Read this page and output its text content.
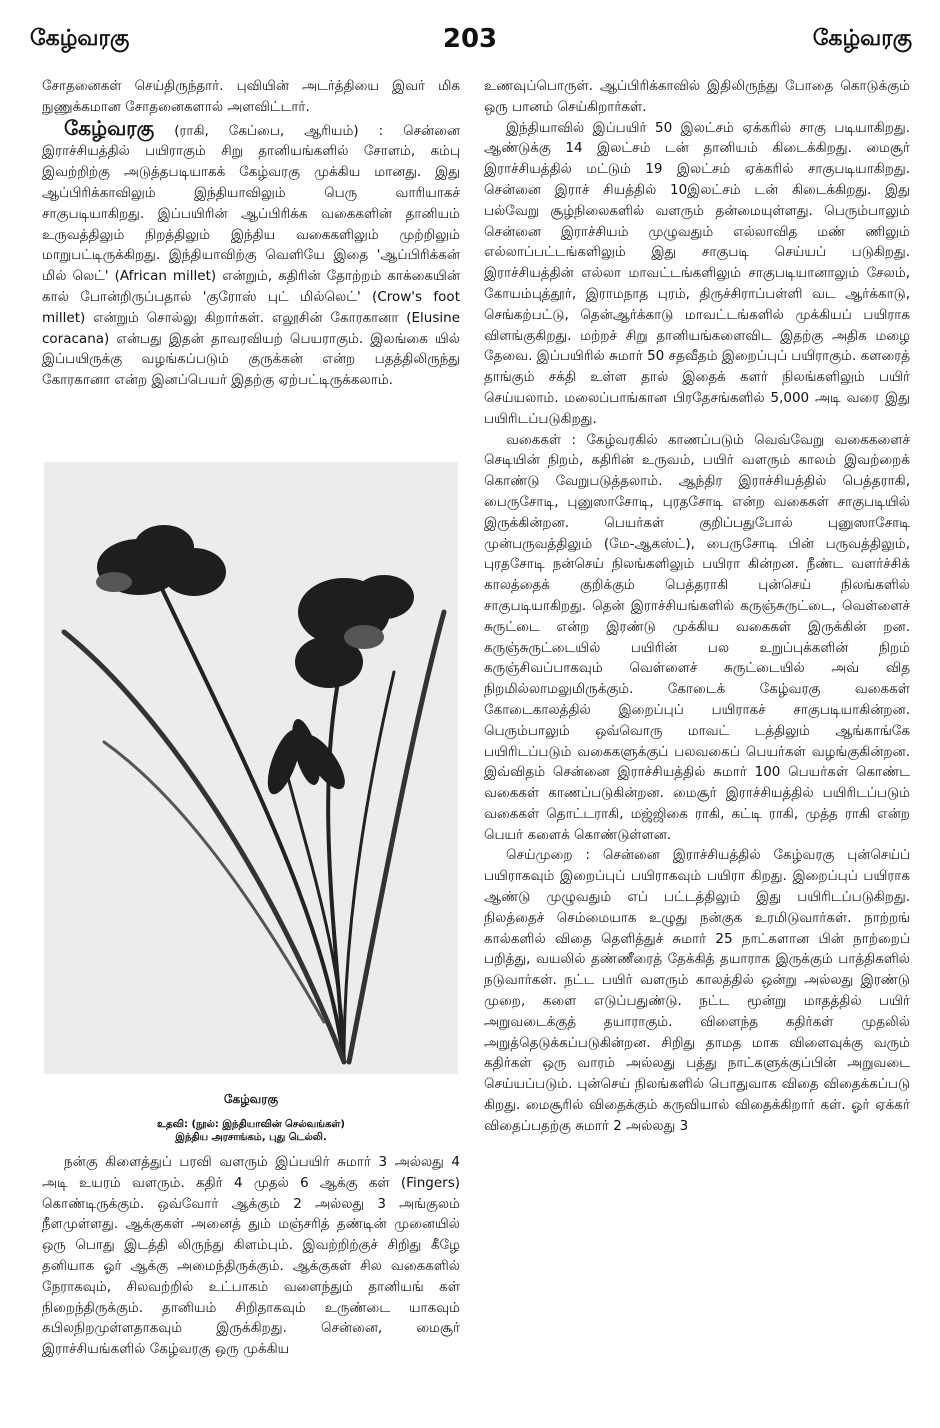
கேழ்வரகு	203	கேழ்வரகு

சோதனைகள் செய்திருந்தார். புவியின் அடர்த்தியை இவர் மிக நுணுக்கமான சோதனைகளால் அளவிட்டார்.

கேழ்வரகு (ராகி, கேப்பை, ஆரியம்) : சென்னை இராச்சியத்தில் பயிராகும் சிறு தானியங்களில் சோளம், கம்பு இவற்றிற்கு அடுத்தபடியாகக் கேழ்வரகு முக்கிய மானது. இது ஆப்பிரிக்காவிலும் இந்தியாவிலும் பெரு வாரியாகச் சாகுபடியாகிறது. இப்பயிரின் ஆப்பிரிக்க வகைகளின் தானியம் உருவத்திலும் நிறத்திலும் இந்திய வகைகளிலும் முற்றிலும் மாறுபட்டிருக்கிறது. இந்தியாவிற்கு வெளியே இதை 'ஆப்பிரிக்கன் மில் லெட்' (African millet) என்றும், கதிரின் தோற்றம் காக்கையின் கால் போன்றிருப்பதால் 'குரோஸ் புட் மில்லெட்' (Crow's foot millet) என்றும் சொல்லு கிறார்கள். எலூசின் கோரகானா (Elusine coracana) என்பது இதன் தாவரவியற் பெயராகும். இலங்கை யில் இப்பயிருக்கு வழங்கப்படும் குருக்கன் என்ற பதத்திலிருந்து கோரகானா என்ற இனப்பெயர் இதற்கு ஏற்பட்டிருக்கலாம்.

கேழ்வரகு
உதவி: (நூல்: இந்தியாவின் செல்வங்கள்)
இந்திய அரசாங்கம், புது டெல்லி.

நன்கு கிளைத்துப் பரவி வளரும் இப்பயிர் சுமார் 3 அல்லது 4 அடி உயரம் வளரும். கதிர் 4 முதல் 6 ஆக்கு கள் (Fingers) கொண்டிருக்கும். ஒவ்வோர் ஆக்கும் 2 அல்லது 3 அங்குலம் நீளமுள்ளது. ஆக்குகள் அனைத் தும் மஞ்சரித் தண்டின் முனையில் ஒரு பொது இடத்தி லிருந்து கிளம்பும். இவற்றிற்குச் சிறிது கீழே தனியாக ஓர் ஆக்கு அமைந்திருக்கும். ஆக்குகள் சில வகைகளில் நேராகவும், சிலவற்றில் உட்பாகம் வளைந்தும் தானியங் கள் நிறைந்திருக்கும். தானியம் சிறிதாகவும் உருண்டை யாகவும் கபிலநிறமுள்ளதாகவும் இருக்கிறது. சென்னை, மைசூர் இராச்சியங்களில் கேழ்வரகு ஒரு முக்கிய

உணவுப்பொருள். ஆப்பிரிக்காவில் இதிலிருந்து போதை கொடுக்கும் ஒரு பானம் செய்கிறார்கள்.

இந்தியாவில் இப்பயிர் 50 இலட்சம் ஏக்கரில் சாகு படியாகிறது. ஆண்டுக்கு 14 இலட்சம் டன் தானியம் கிடைக்கிறது. மைசூர் இராச்சியத்தில் மட்டும் 19 இலட்சம் ஏக்கரில் சாகுபடியாகிறது. சென்னை இராச் சியத்தில் 10இலட்சம் டன் கிடைக்கிறது. இது பல்வேறு சூழ்நிலைகளில் வளரும் தன்மையுள்ளது. பெரும்பாலும் சென்னை இராச்சியம் முழுவதும் எல்லாவித மண் ணிலும் எல்லாப்பட்டங்களிலும் இது சாகுபடி செய்யப் படுகிறது. இராச்சியத்தின் எல்லா மாவட்டங்களிலும் சாகுபடியானாலும் சேலம், கோயம்புத்தூர், இராமநாத புரம், திருச்சிராப்பள்ளி வட ஆர்க்காடு, செங்கற்பட்டு, தென்ஆர்க்காடு மாவட்டங்களில் முக்கியப் பயிராக விளங்குகிறது. மற்றச் சிறு தானியங்களைவிட இதற்கு அதிக மழை தேவை. இப்பயிரில் சுமார் 50 சதவீதம் இறைப்புப் பயிராகும். களரைத் தாங்கும் சக்தி உள்ள தால் இதைக் களர் நிலங்களிலும் பயிர் செய்யலாம். மலைப்பாங்கான பிரதேசங்களில் 5,000 அடி வரை இது பயிரிடப்படுகிறது.

வகைகள் : கேழ்வரகில் காணப்படும் வெவ்வேறு வகைகளைச் செடியின் நிறம், கதிரின் உருவம், பயிர் வளரும் காலம் இவற்றைக் கொண்டு வேறுபடுத்தலாம். ஆந்திர இராச்சியத்தில் பெத்தராகி, பைருசோடி, புனுஸாசோடி, புரதசோடி என்ற வகைகள் சாகுபடியில் இருக்கின்றன. பெயர்கள் குறிப்பதுபோல் புனுஸாசோடி முன்பருவத்திலும் (மே-ஆகஸ்ட்), பைருசோடி பின் பருவத்திலும், புரதசோடி நன்செய் நிலங்களிலும் பயிரா கின்றன. நீண்ட வளர்ச்சிக் காலத்தைக் குறிக்கும் பெத்தராகி புன்செய் நிலங்களில் சாகுபடியாகிறது. தென் இராச்சியங்களில் கருஞ்சுருட்டை, வெள்ளைச் சுருட்டை என்ற இரண்டு முக்கிய வகைகள் இருக்கின் றன. கருஞ்சுருட்டையில் பயிரின் பல உறுப்புக்களின் நிறம் கருஞ்சிவப்பாகவும் வெள்ளைச் சுருட்டையில் அவ் வித நிறமில்லாமலுமிருக்கும். கோடைக் கேழ்வரகு வகைகள் கோடைகாலத்தில் இறைப்புப் பயிராகச் சாகுபடியாகின்றன. பெரும்பாலும் ஒவ்வொரு மாவட் டத்திலும் ஆங்காங்கே பயிரிடப்படும் வகைகளுக்குப் பலவகைப் பெயர்கள் வழங்குகின்றன. இவ்விதம் சென்னை இராச்சியத்தில் சுமார் 100 பெயர்கள் கொண்ட வகைகள் காணப்படுகின்றன. மைசூர் இராச்சியத்தில் பயிரிடப்படும் வகைகள் தொட்டராகி, மஜ்ஜிகை ராகி, கட்டி ராகி, முத்த ராகி என்ற பெயர் களைக் கொண்டுள்ளன.

செய்முறை : சென்னை இராச்சியத்தில் கேழ்வரகு புன்செய்ப் பயிராகவும் இறைப்புப் பயிராகவும் பயிரா கிறது. இறைப்புப் பயிராக ஆண்டு முழுவதும் எப் பட்டத்திலும் இது பயிரிடப்படுகிறது. நிலத்தைச் செம்மையாக உழுது நன்குக உரமிடுவார்கள். நாற்றங் கால்களில் விதை தெளித்துச் சுமார் 25 நாட்களான பின் நாற்றைப் பறித்து, வயலில் தண்ணீரைத் தேக்கித் தயாராக இருக்கும் பாத்திகளில் நடுவார்கள். நட்ட பயிர் வளரும் காலத்தில் ஒன்று அல்லது இரண்டு முறை, களை எடுப்பதுண்டு. நட்ட மூன்று மாதத்தில் பயிர் அறுவடைக்குத் தயாராகும். விளைந்த கதிர்கள் முதலில் அறுத்தெடுக்கப்படுகின்றன. சிறிது தாமத மாக விளைவுக்கு வரும் கதிர்கள் ஒரு வாரம் அல்லது பத்து நாட்களுக்குப்பின் அறுவடை செய்யப்படும். புன்செய் நிலங்களில் பொதுவாக விதை விதைக்கப்படு கிறது. மைசூரில் விதைக்கும் கருவியால் விதைக்கிறார் கள். ஓர் ஏக்கர் விதைப்பதற்கு சுமார் 2 அல்லது 3
